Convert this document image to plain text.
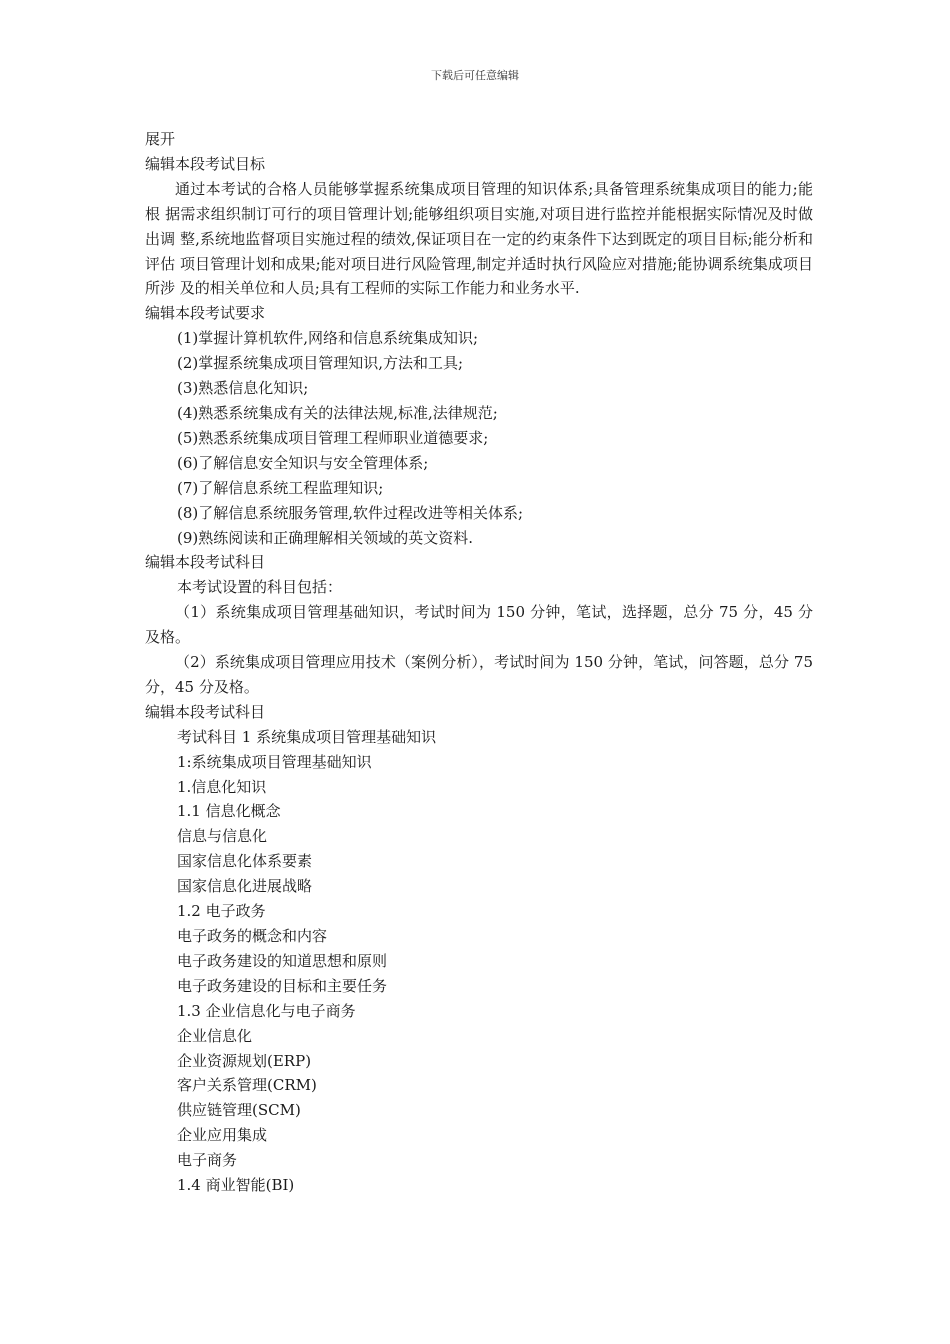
下载后可任意编辑
展开
编辑本段考试目标
通过本考试的合格人员能够掌握系统集成项目管理的知识体系;具备管理系统集成项目的能力;能根 据需求组织制订可行的项目管理计划;能够组织项目实施,对项目进行监控并能根据实际情况及时做出调 整,系统地监督项目实施过程的绩效,保证项目在一定的约束条件下达到既定的项目目标;能分析和评估 项目管理计划和成果;能对项目进行风险管理,制定并适时执行风险应对措施;能协调系统集成项目所涉 及的相关单位和人员;具有工程师的实际工作能力和业务水平.
编辑本段考试要求
(1)掌握计算机软件,网络和信息系统集成知识;
(2)掌握系统集成项目管理知识,方法和工具;
(3)熟悉信息化知识;
(4)熟悉系统集成有关的法律法规,标准,法律规范;
(5)熟悉系统集成项目管理工程师职业道德要求;
(6)了解信息安全知识与安全管理体系;
(7)了解信息系统工程监理知识;
(8)了解信息系统服务管理,软件过程改进等相关体系;
(9)熟练阅读和正确理解相关领域的英文资料.
编辑本段考试科目
本考试设置的科目包括：
（1）系统集成项目管理基础知识，考试时间为 150 分钟，笔试，选择题，总分 75 分，45 分及格。
（2）系统集成项目管理应用技术（案例分析），考试时间为 150 分钟，笔试，问答题，总分 75 分，45 分及格。
编辑本段考试科目
考试科目 1 系统集成项目管理基础知识
1:系统集成项目管理基础知识
1.信息化知识
1.1 信息化概念
信息与信息化
国家信息化体系要素
国家信息化进展战略
1.2 电子政务
电子政务的概念和内容
电子政务建设的知道思想和原则
电子政务建设的目标和主要任务
1.3 企业信息化与电子商务
企业信息化
企业资源规划(ERP)
客户关系管理(CRM)
供应链管理(SCM)
企业应用集成
电子商务
1.4 商业智能(BI)
